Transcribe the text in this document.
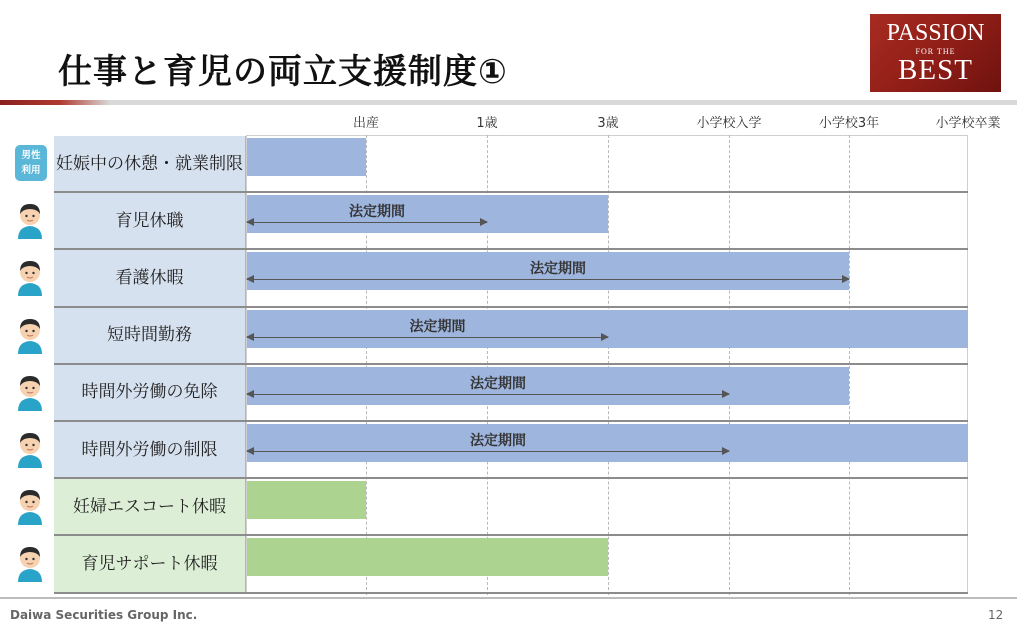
仕事と育児の両立支援制度①
PASSION
FOR THE
BEST
出産	1歳	3歳	小学校入学	小学校3年	小学校卒業
妊娠中の休憩・ 就業制限
男性
利用
育児休職	法定期間
看護休暇	法定期間
短時間勤務	法定期間
時間外労働の 免除	法定期間
時間外労働の 制限	法定期間
妊婦エスコート 休暇
育児サポート 休暇
Daiwa Securities Group Inc.	12
